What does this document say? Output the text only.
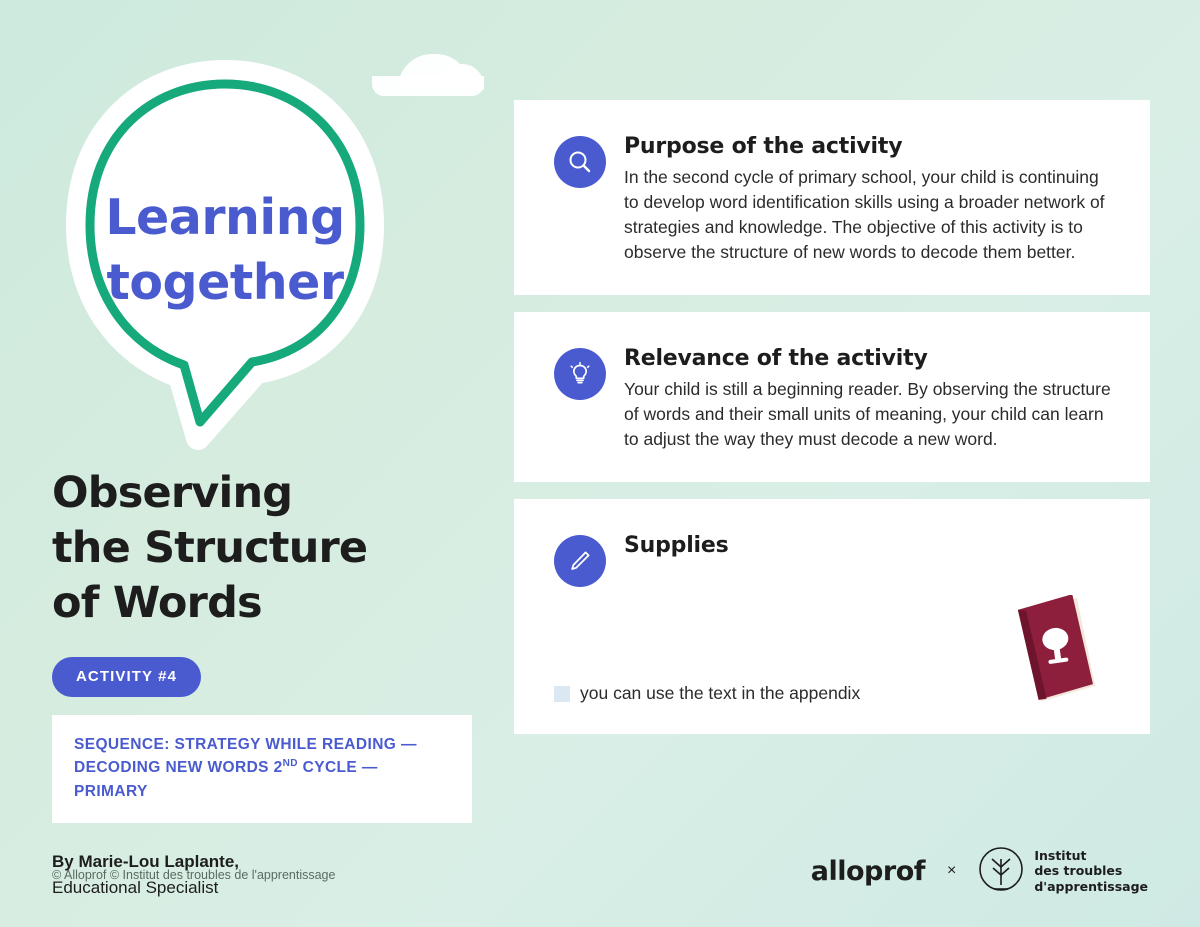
Learning
together
Observing
the Structure
of Words
ACTIVITY #4

SEQUENCE: STRATEGY WHILE READING —
DECODING NEW WORDS 2ND CYCLE — PRIMARY

By Marie-Lou Laplante,
Educational Specialist
© Alloprof © Institut des troubles de l'apprentissage
Purpose of the activity
In the second cycle of primary school, your child is continuing to develop word identification skills using a broader network of strategies and knowledge. The objective of this activity is to observe the structure of new words to decode them better.
Relevance of the activity
Your child is still a beginning reader. By observing the structure of words and their small units of meaning, your child can learn to adjust the way they must decode a new word.
Supplies
you can use the text in the appendix
alloprof ×
Institut
des troubles
d'apprentissage
